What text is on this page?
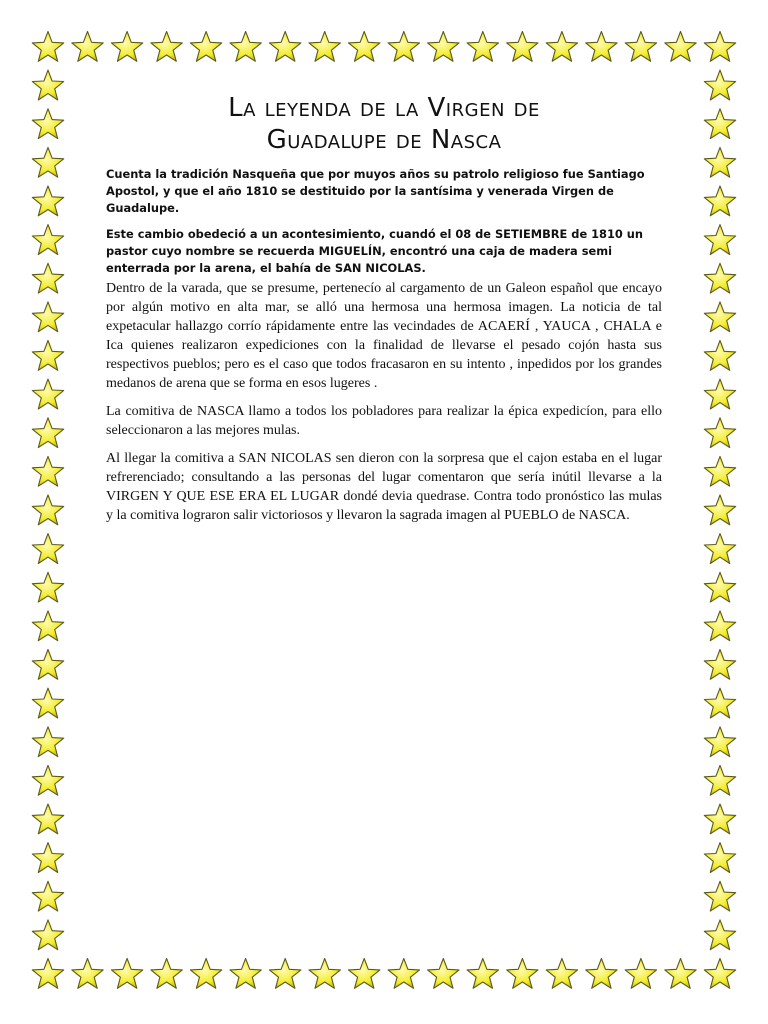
La leyenda de la Virgen de
Guadalupe de Nasca

Cuenta la tradición Nasqueña que por muyos años su patrolo religioso fue Santiago Apostol, y que el año 1810 se destituido por la santísima y venerada Virgen de Guadalupe.

Este cambio obedeció a un acontesimiento, cuandó el 08 de SETIEMBRE de 1810 un pastor cuyo nombre se recuerda MIGUELÍN, encontró una caja de madera semi enterrada por la arena, el bahía de SAN NICOLAS.

Dentro de la varada, que se presume, pertenecío al cargamento de un Galeon español que encayo por algún motivo en alta mar, se alló una hermosa una hermosa imagen. La noticia de tal expetacular hallazgo corrío rápidamente entre las vecindades de ACAERÍ , YAUCA , CHALA e Ica quienes realizaron expediciones con la finalidad de llevarse el pesado cojón hasta sus respectivos pueblos; pero es el caso que todos fracasaron en su intento , inpedidos por los grandes medanos de arena que se forma en esos lugeres .

La comitiva de NASCA llamo a todos los pobladores para realizar la épica expedicíon, para ello seleccionaron a las mejores mulas.

Al llegar la comitiva a SAN NICOLAS sen dieron con la sorpresa que el cajon estaba en el lugar refrerenciado; consultando a las personas del lugar comentaron que sería inútil llevarse a la VIRGEN Y QUE ESE ERA EL LUGAR dondé devia quedrase. Contra todo pronóstico las mulas y la comitiva lograron salir victoriosos y llevaron la sagrada imagen al PUEBLO de NASCA.
